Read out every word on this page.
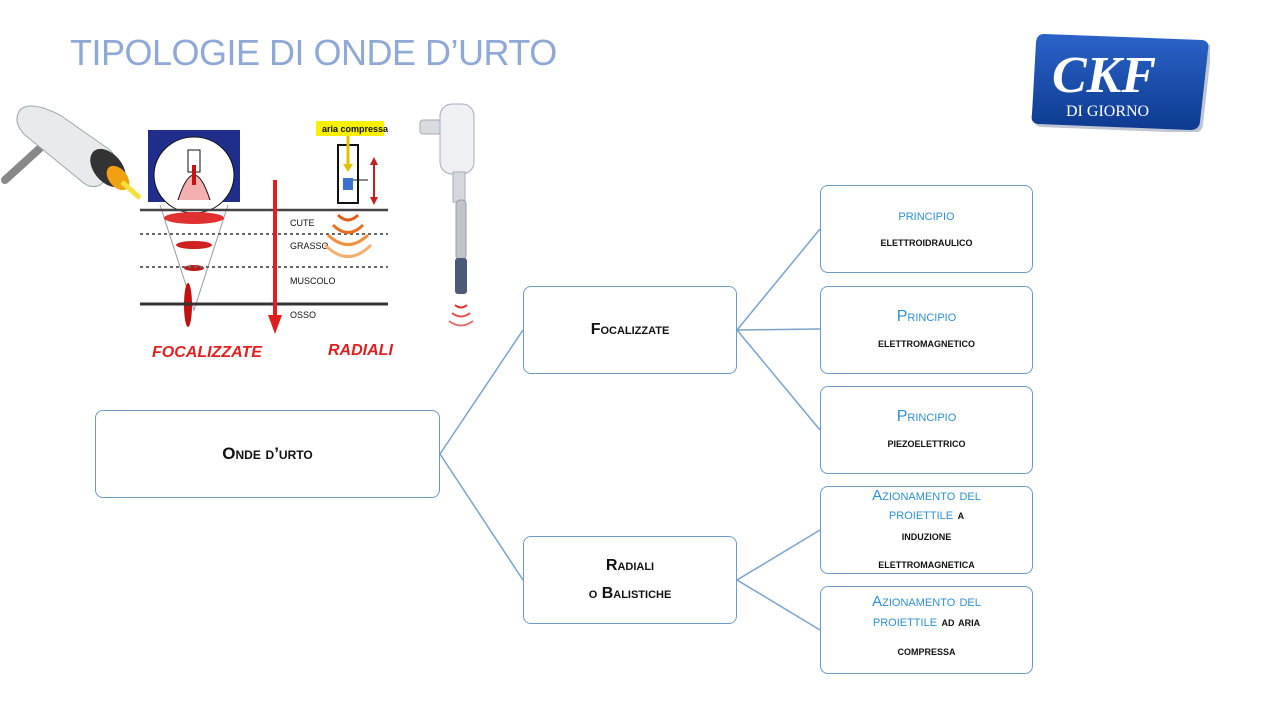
TIPOLOGIE DI ONDE D’URTO	CKF
DI GIORNO
CUTE
GRASSO
MUSCOLO
OSSO
aria compressa
FOCALIZZATE	RADIALI
Onde d’urto
Focalizzate
Radiali
o Balistiche
principio
elettroidraulico
Principio
elettromagnetico
Principio
piezoelettrico
Azionamento del
proiettile a
induzione
elettromagnetica
Azionamento del
proiettile ad aria
compressa
